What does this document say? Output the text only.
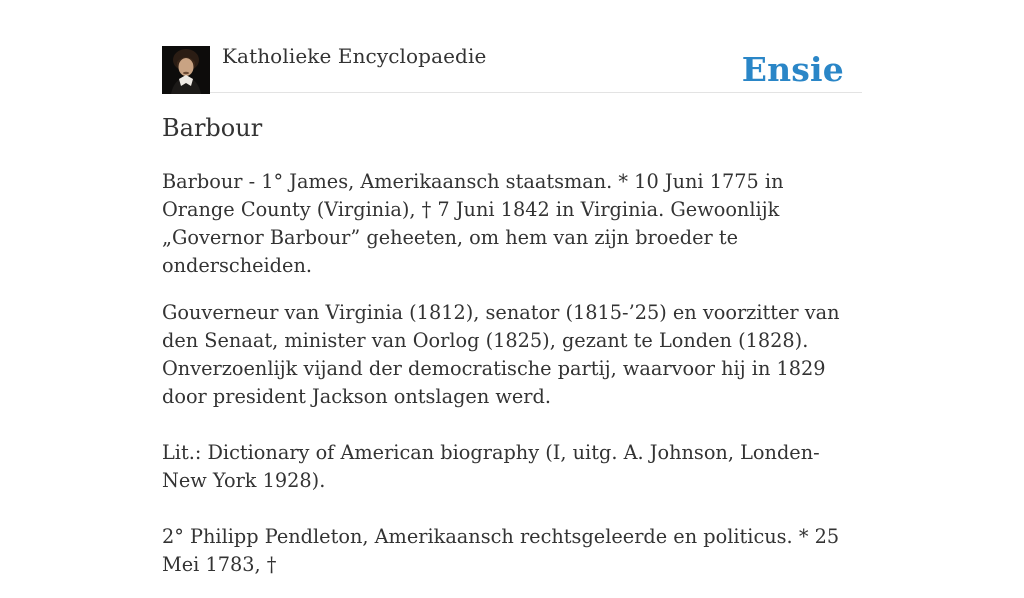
Katholieke Encyclopaedie	Ensie
Barbour

Barbour - 1° James, Amerikaansch staatsman. * 10 Juni 1775 in Orange County (Virginia), † 7 Juni 1842 in Virginia. Gewoonlijk „Governor Barbour” geheeten, om hem van zijn broeder te onderscheiden.

Gouverneur van Virginia (1812), senator (1815-’25) en voorzitter van den Senaat, minister van Oorlog (1825), gezant te Londen (1828). Onverzoenlijk vijand der democratische partij, waarvoor hij in 1829 door president Jackson ontslagen werd.

Lit.: Dictionary of American biography (I, uitg. A. Johnson, Londen-New York 1928).

2° Philipp Pendleton, Amerikaansch rechtsgeleerde en politicus. * 25 Mei 1783, †
